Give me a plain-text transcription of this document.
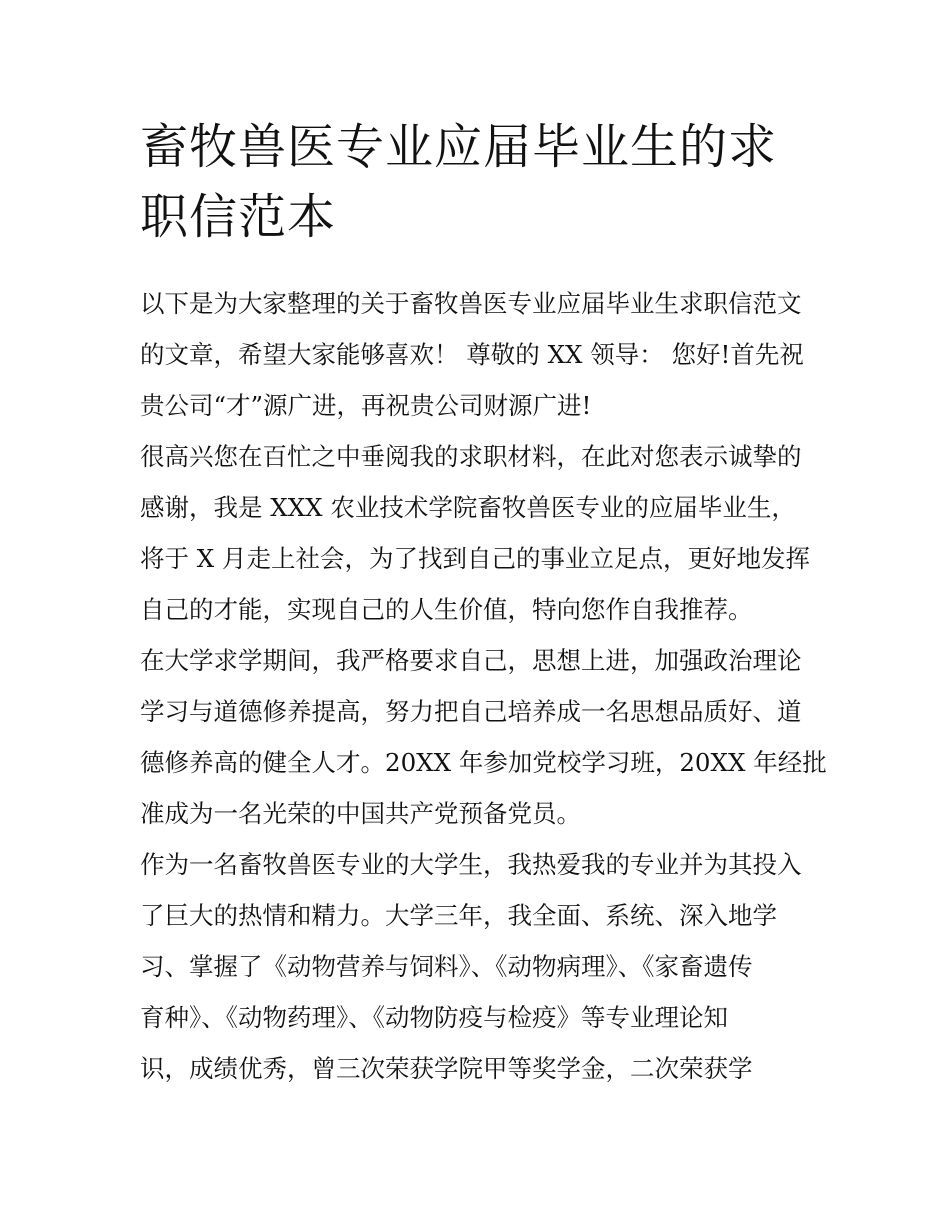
畜牧兽医专业应届毕业生的求
职信范本
以下是为大家整理的关于畜牧兽医专业应届毕业生求职信范文
的文章，希望大家能够喜欢！ 尊敬的 XX 领导： 您好!首先祝
贵公司“才”源广进，再祝贵公司财源广进!
很高兴您在百忙之中垂阅我的求职材料，在此对您表示诚挚的
感谢，我是 XXX 农业技术学院畜牧兽医专业的应届毕业生，
将于 X 月走上社会，为了找到自己的事业立足点，更好地发挥
自己的才能，实现自己的人生价值，特向您作自我推荐。
在大学求学期间，我严格要求自己，思想上进，加强政治理论
学习与道德修养提高，努力把自己培养成一名思想品质好、道
德修养高的健全人才。20XX 年参加党校学习班，20XX 年经批
准成为一名光荣的中国共产党预备党员。
作为一名畜牧兽医专业的大学生，我热爱我的专业并为其投入
了巨大的热情和精力。大学三年，我全面、系统、深入地学
习、掌握了《动物营养与饲料》、《动物病理》、《家畜遗传
育种》、《动物药理》、《动物防疫与检疫》等专业理论知
识，成绩优秀，曾三次荣获学院甲等奖学金，二次荣获学
